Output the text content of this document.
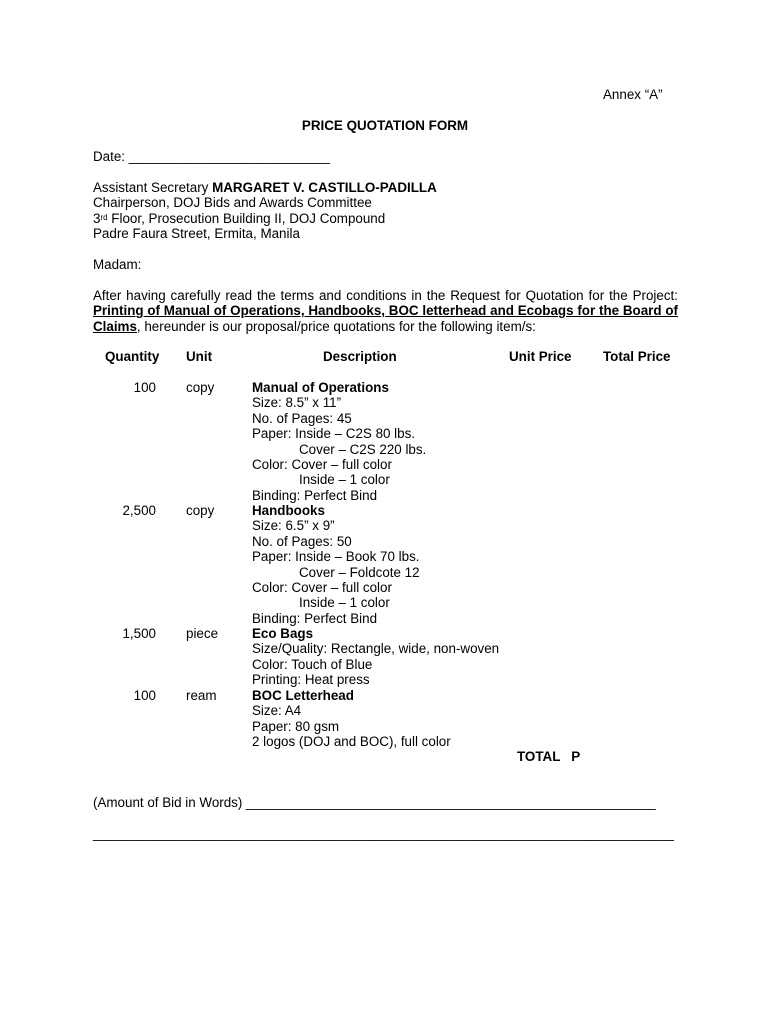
Annex “A”
PRICE QUOTATION FORM
Date: ___________________________
Assistant Secretary MARGARET V. CASTILLO-PADILLA
Chairperson, DOJ Bids and Awards Committee
3rd Floor, Prosecution Building II, DOJ Compound
Padre Faura Street, Ermita, Manila
Madam:
After having carefully read the terms and conditions in the Request for Quotation for the Project: Printing of Manual of Operations, Handbooks, BOC letterhead and Ecobags for the Board of Claims, hereunder is our proposal/price quotations for the following item/s:
Quantity Unit	Description	Unit Price Total Price
100 copy	Manual of Operations
Size: 8.5” x 11”
No. of Pages: 45
Paper: Inside – C2S 80 lbs.
Cover – C2S 220 lbs.
Color: Cover – full color
Inside – 1 color
Binding: Perfect Bind
2,500 copy	Handbooks
Size: 6.5” x 9”
No. of Pages: 50
Paper: Inside – Book 70 lbs.
Cover – Foldcote 12
Color: Cover – full color
Inside – 1 color
Binding: Perfect Bind
1,500 piece	Eco Bags
Size/Quality: Rectangle, wide, non-woven
Color: Touch of Blue
Printing: Heat press
100 ream	BOC Letterhead
Size: A4
Paper: 80 gsm
2 logos (DOJ and BOC), full color
TOTAL   P
(Amount of Bid in Words) _______________________________________________________
______________________________________________________________________________
